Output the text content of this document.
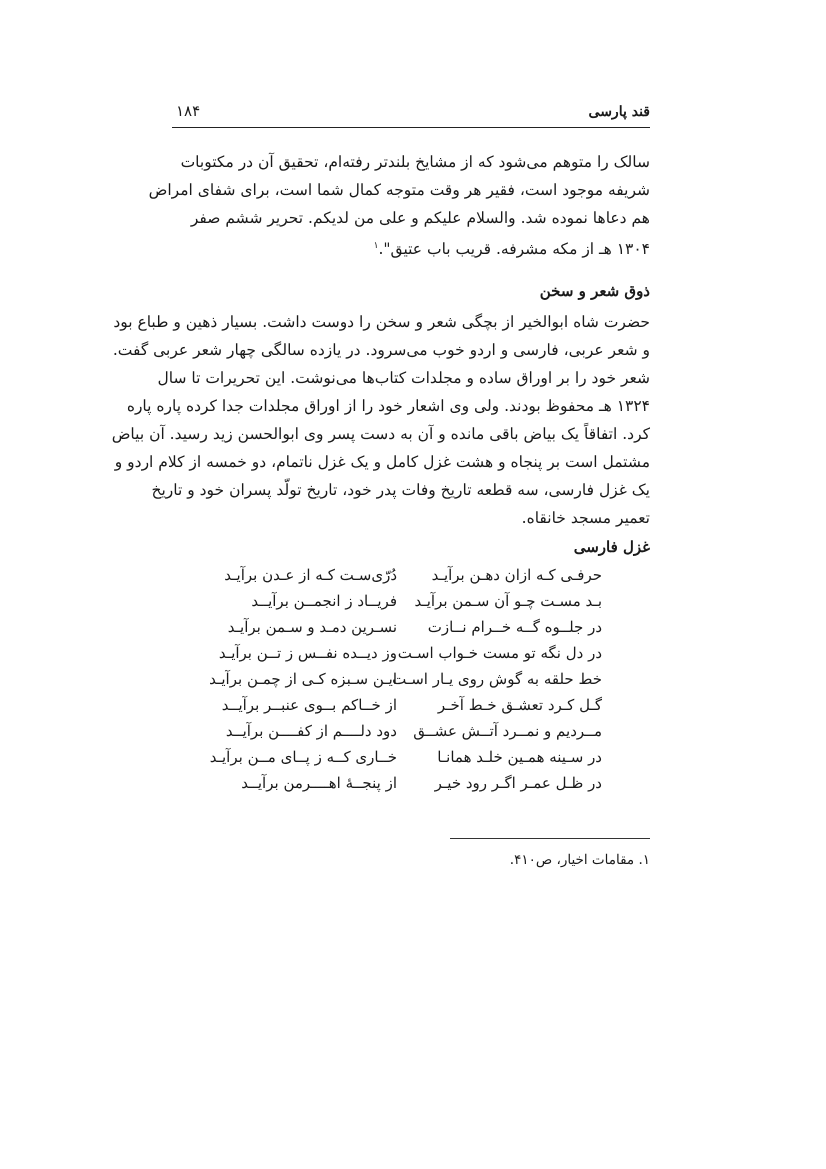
قند پارسی
۱۸۴
سالک را متوهم می‌شود که از مشایخ بلندتر رفته‌ام، تحقیق آن در مکتوبات
شریفه موجود است، فقیر هر وقت متوجه کمال شما است، برای شفای امراض
هم دعاها نموده شد. والسلام علیکم و علی من لدیکم. تحریر ششم صفر
۱۳۰۴ هـ از مکه مشرفه. قریب باب عتیق".$^۱$
ذوق شعر و سخن
حضرت شاه ابوالخیر از بچگی شعر و سخن را دوست داشت. بسیار ذهین و طباع بود
و شعر عربی، فارسی و اردو خوب می‌سرود. در یازده سالگی چهار شعر عربی گفت.
شعر خود را بر اوراق ساده و مجلدات کتاب‌ها می‌نوشت. این تحریرات تا سال
۱۳۲۴ هـ محفوظ بودند. ولی وی اشعار خود را از اوراق مجلدات جدا کرده پاره پاره
کرد. اتفاقاً یک بیاض باقی مانده و آن به دست پسر وی ابوالحسن زید رسید. آن بیاض
مشتمل است بر پنجاه و هشت غزل کامل و یک غزل ناتمام، دو خمسه از کلام اردو و
یک غزل فارسی، سه قطعه تاریخ وفات پدر خود، تاریخ تولّد پسران خود و تاریخ
تعمیر مسجد خانقاه.
غزل فارسی
حرفـی کـه ازان دهـن برآیـد
دُرّی‌سـت کـه از عـدن برآیـد
بـد مسـت چـو آن سـمن برآیـد
فریــاد ز انجمــن برآیــد
در جلــوه گــه خــرام نــازت
نسـرین دمـد و سـمن برآیـد
در دل نگه تو مست خـواب اسـت
وز دیــده نفــس ز تــن برآیـد
خط حلقه به گوش روی یـار اسـت
ایـن سـبزه کـی از چمـن برآیـد
گـل کـرد تعشـق خـط آخـر
از خــاکم بــوی عنبــر برآیــد
مــردیم و نمــرد آتــش عشــق
دود دلــــم از کفــــن برآیــد
در سـینه همـین خلـد همانـا
خــاری کــه ز پــای مــن برآیـد
در ظـل عمـر اگـر رود خیـر
از پنجــۀ اهــــرمن برآیــد
۱. مقامات اخیار، ص۴۱۰.
